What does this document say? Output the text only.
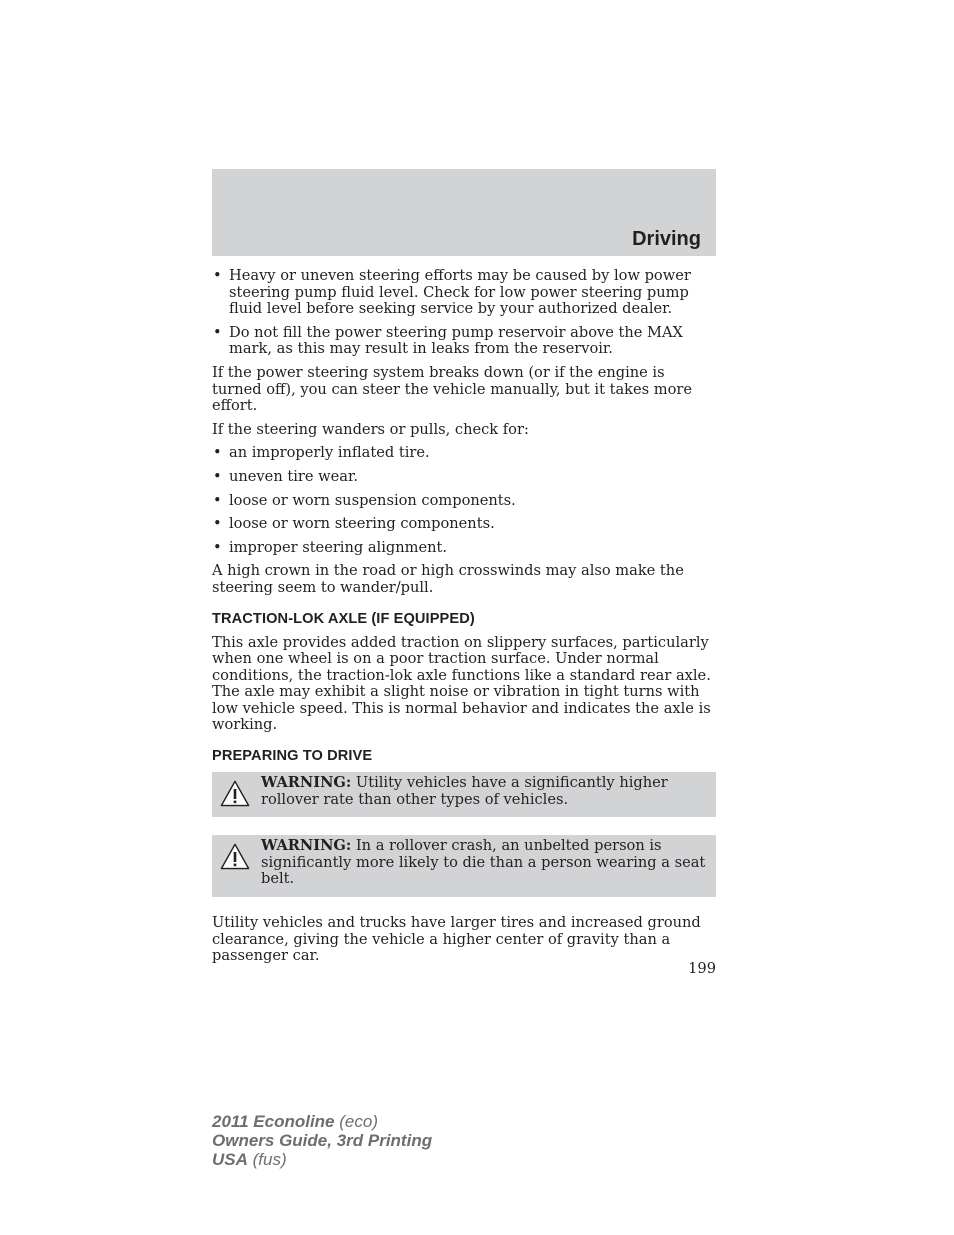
Driving
• Heavy or uneven steering efforts may be caused by low power steering pump fluid level. Check for low power steering pump fluid level before seeking service by your authorized dealer.
• Do not fill the power steering pump reservoir above the MAX mark, as this may result in leaks from the reservoir.

If the power steering system breaks down (or if the engine is turned off), you can steer the vehicle manually, but it takes more effort.

If the steering wanders or pulls, check for:

• an improperly inflated tire.
• uneven tire wear.
• loose or worn suspension components.
• loose or worn steering components.
• improper steering alignment.

A high crown in the road or high crosswinds may also make the steering seem to wander/pull.

TRACTION-LOK AXLE (IF EQUIPPED)

This axle provides added traction on slippery surfaces, particularly when one wheel is on a poor traction surface. Under normal conditions, the traction-lok axle functions like a standard rear axle. The axle may exhibit a slight noise or vibration in tight turns with low vehicle speed. This is normal behavior and indicates the axle is working.

PREPARING TO DRIVE
WARNING: Utility vehicles have a significantly higher rollover rate than other types of vehicles.
WARNING: In a rollover crash, an unbelted person is significantly more likely to die than a person wearing a seat belt.

Utility vehicles and trucks have larger tires and increased ground clearance, giving the vehicle a higher center of gravity than a passenger car.

199
2011 Econoline (eco)
Owners Guide, 3rd Printing
USA (fus)
